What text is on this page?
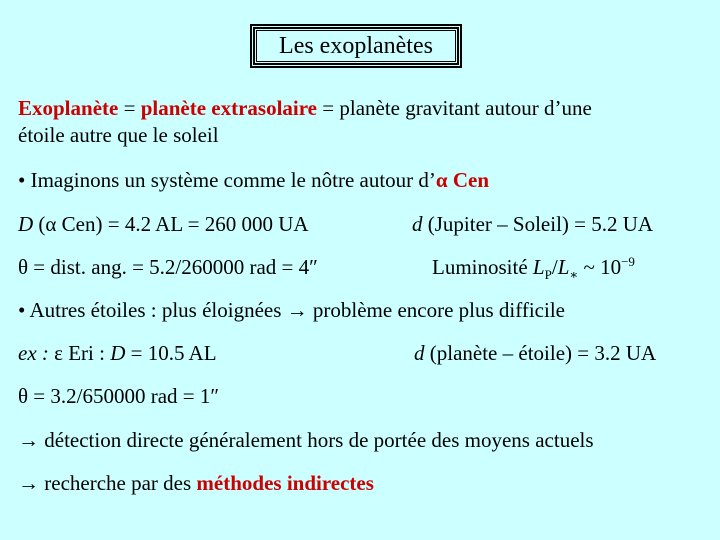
Les exoplanètes
Exoplanète = planète extrasolaire = planète gravitant autour d’une
étoile autre que le soleil
• Imaginons un système comme le nôtre autour d’α Cen
D (α Cen) = 4.2 AL = 260 000 UA	d (Jupiter – Soleil) = 5.2 UA
θ = dist. ang. = 5.2/260000 rad = 4″	Luminosité $L_P/L_∗$ ~ $10^{-9}$
• Autres étoiles : plus éloignées → problème encore plus difficile
ex : ε Eri : D = 10.5 AL	d (planète – étoile) = 3.2 UA
θ = 3.2/650000 rad = 1″
→ détection directe généralement hors de portée des moyens actuels
→ recherche par des méthodes indirectes
